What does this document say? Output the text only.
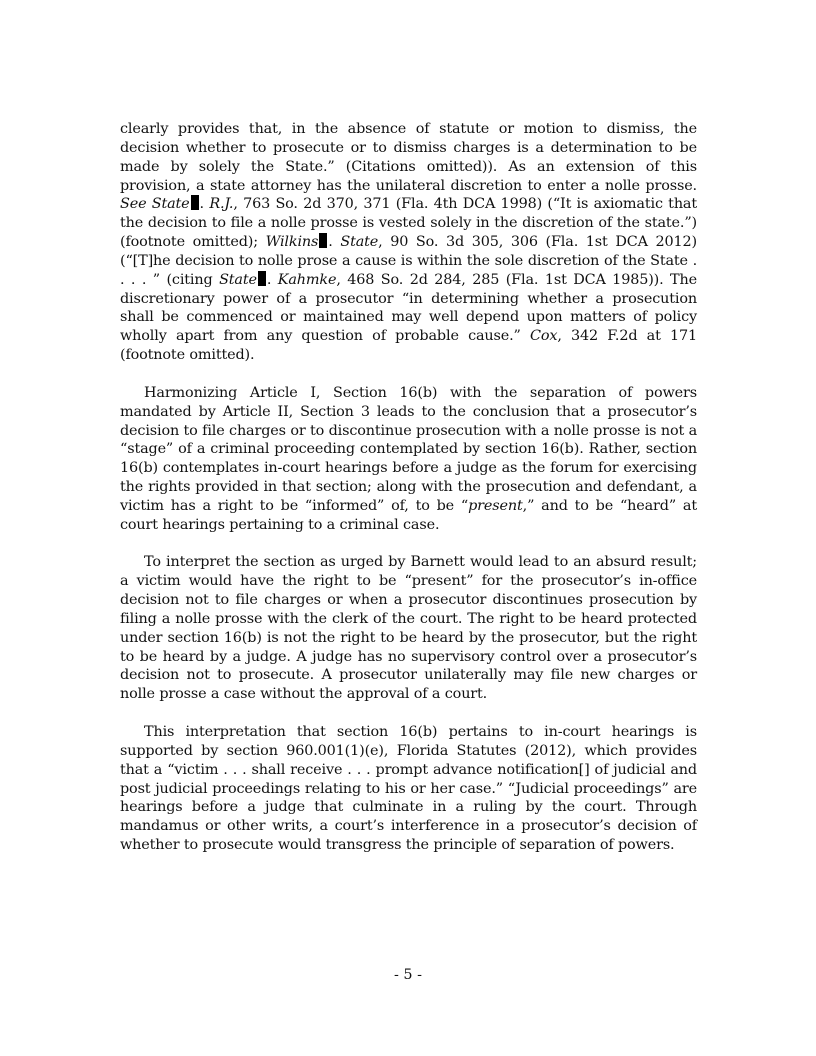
clearly provides that, in the absence of statute or motion to dismiss, the decision whether to prosecute or to dismiss charges is a determination to be made by solely the State.” (Citations omitted)). As an extension of this provision, a state attorney has the unilateral discretion to enter a nolle prosse. See State . R.J., 763 So. 2d 370, 371 (Fla. 4th DCA 1998) (“It is axiomatic that the decision to file a nolle prosse is vested solely in the discretion of the state.”) (footnote omitted); Wilkins . State, 90 So. 3d 305, 306 (Fla. 1st DCA 2012) (“[T]he decision to nolle prose a cause is within the sole discretion of the State . . . . ” (citing State . Kahmke, 468 So. 2d 284, 285 (Fla. 1st DCA 1985)). The discretionary power of a prosecutor “in determining whether a prosecution shall be commenced or maintained may well depend upon matters of policy wholly apart from any question of probable cause.” Cox, 342 F.2d at 171 (footnote omitted).

Harmonizing Article I, Section 16(b) with the separation of powers mandated by Article II, Section 3 leads to the conclusion that a prosecutor’s decision to file charges or to discontinue prosecution with a nolle prosse is not a “stage” of a criminal proceeding contemplated by section 16(b). Rather, section 16(b) contemplates in-court hearings before a judge as the forum for exercising the rights provided in that section; along with the prosecution and defendant, a victim has a right to be “informed” of, to be “present,” and to be “heard” at court hearings pertaining to a criminal case.

To interpret the section as urged by Barnett would lead to an absurd result; a victim would have the right to be “present” for the prosecutor’s in-office decision not to file charges or when a prosecutor discontinues prosecution by filing a nolle prosse with the clerk of the court. The right to be heard protected under section 16(b) is not the right to be heard by the prosecutor, but the right to be heard by a judge. A judge has no supervisory control over a prosecutor’s decision not to prosecute. A prosecutor unilaterally may file new charges or nolle prosse a case without the approval of a court.

This interpretation that section 16(b) pertains to in-court hearings is supported by section 960.001(1)(e), Florida Statutes (2012), which provides that a “victim . . . shall receive . . . prompt advance notification[] of judicial and post judicial proceedings relating to his or her case.” “Judicial proceedings” are hearings before a judge that culminate in a ruling by the court. Through mandamus or other writs, a court’s interference in a prosecutor’s decision of whether to prosecute would transgress the principle of separation of powers.

- 5 -
